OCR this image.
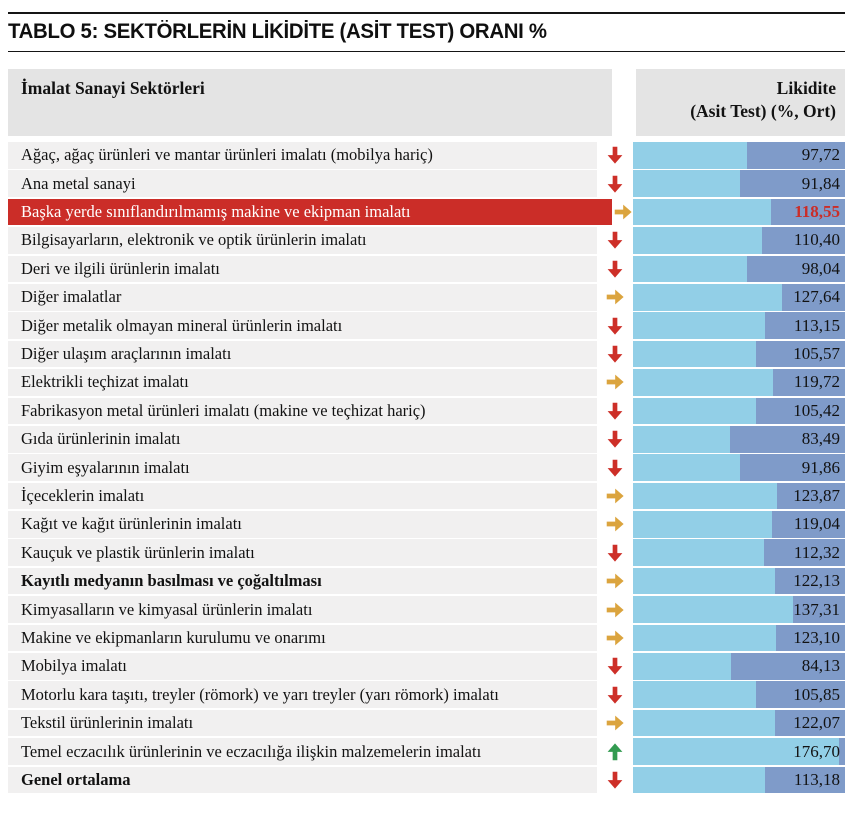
TABLO 5: SEKTÖRLERİN LİKİDİTE (ASİT TEST) ORANI %
İmalat Sanayi Sektörleri	Likidite
(Asit Test) (%, Ort)
Ağaç, ağaç ürünleri ve mantar ürünleri imalatı (mobilya hariç)	97,72
Ana metal sanayi	91,84
Başka yerde sınıflandırılmamış makine ve ekipman imalatı	118,55
Bilgisayarların, elektronik ve optik ürünlerin imalatı	110,40
Deri ve ilgili ürünlerin imalatı	98,04
Diğer imalatlar	127,64
Diğer metalik olmayan mineral ürünlerin imalatı	113,15
Diğer ulaşım araçlarının imalatı	105,57
Elektrikli teçhizat imalatı	119,72
Fabrikasyon metal ürünleri imalatı (makine ve teçhizat hariç)	105,42
Gıda ürünlerinin imalatı	83,49
Giyim eşyalarının imalatı	91,86
İçeceklerin imalatı	123,87
Kağıt ve kağıt ürünlerinin imalatı	119,04
Kauçuk ve plastik ürünlerin imalatı	112,32
Kayıtlı medyanın basılması ve çoğaltılması	122,13
Kimyasalların ve kimyasal ürünlerin imalatı	137,31
Makine ve ekipmanların kurulumu ve onarımı	123,10
Mobilya imalatı	84,13
Motorlu kara taşıtı, treyler (römork) ve yarı treyler (yarı römork) imalatı	105,85
Tekstil ürünlerinin imalatı	122,07
Temel eczacılık ürünlerinin ve eczacılığa ilişkin malzemelerin imalatı	176,70
Genel ortalama	113,18
